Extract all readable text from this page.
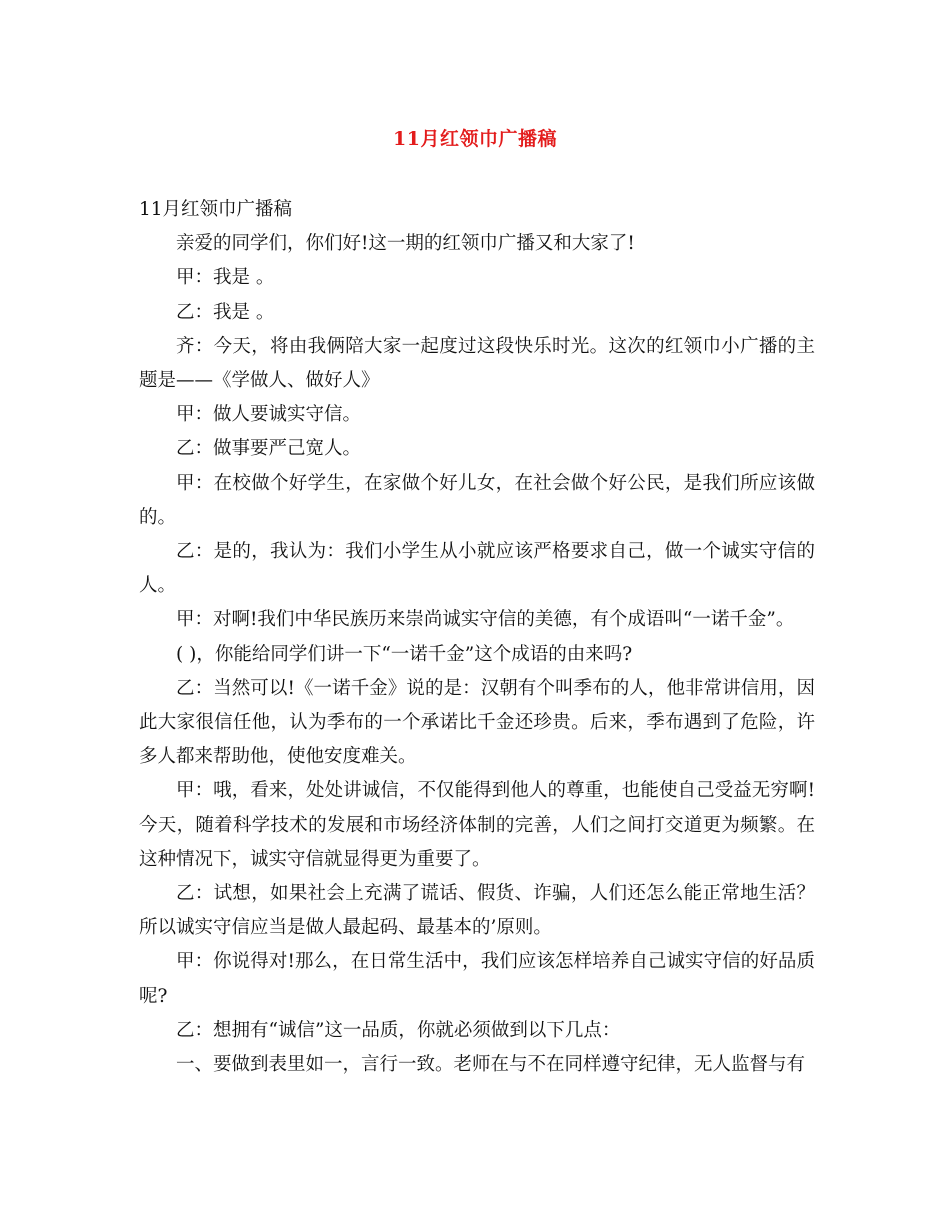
11月红领巾广播稿

11月红领巾广播稿

亲爱的同学们，你们好!这一期的红领巾广播又和大家了!

甲：我是 。

乙：我是 。

齐：今天，将由我俩陪大家一起度过这段快乐时光。这次的红领巾小广播的主题是——《学做人、做好人》

甲：做人要诚实守信。

乙：做事要严己宽人。

甲：在校做个好学生，在家做个好儿女，在社会做个好公民，是我们所应该做的。

乙：是的，我认为：我们小学生从小就应该严格要求自己，做一个诚实守信的人。

甲：对啊!我们中华民族历来崇尚诚实守信的美德，有个成语叫“一诺千金”。

( )，你能给同学们讲一下“一诺千金”这个成语的由来吗?

乙：当然可以!《一诺千金》说的是：汉朝有个叫季布的人，他非常讲信用，因此大家很信任他，认为季布的一个承诺比千金还珍贵。后来，季布遇到了危险，许多人都来帮助他，使他安度难关。

甲：哦，看来，处处讲诚信，不仅能得到他人的尊重，也能使自己受益无穷啊!今天，随着科学技术的发展和市场经济体制的完善，人们之间打交道更为频繁。在这种情况下，诚实守信就显得更为重要了。

乙：试想，如果社会上充满了谎话、假货、诈骗，人们还怎么能正常地生活？所以诚实守信应当是做人最起码、最基本的’原则。

甲：你说得对!那么，在日常生活中，我们应该怎样培养自己诚实守信的好品质呢?

乙：想拥有“诚信”这一品质，你就必须做到以下几点：

一、要做到表里如一，言行一致。老师在与不在同样遵守纪律，无人监督与有
